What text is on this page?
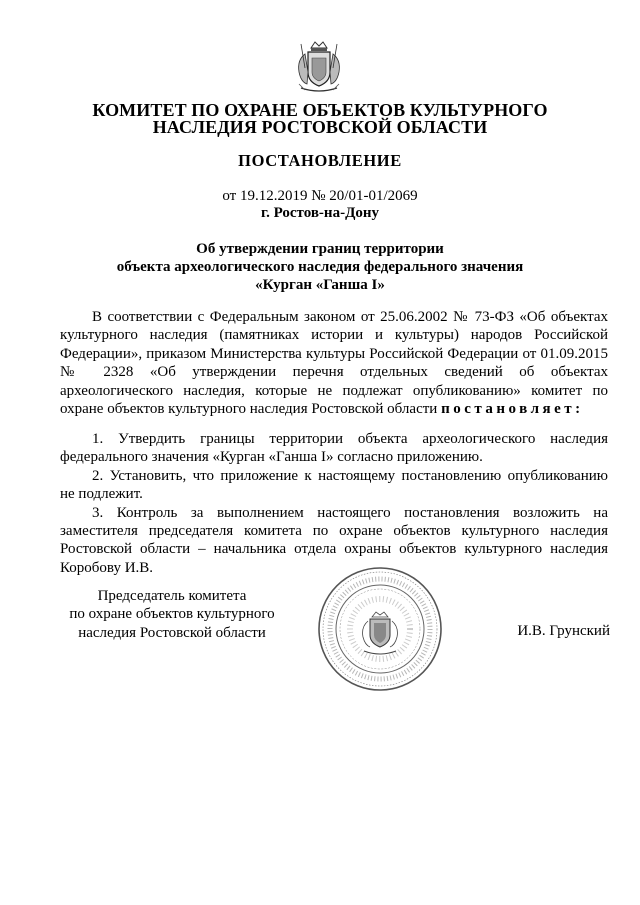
КОМИТЕТ ПО ОХРАНЕ ОБЪЕКТОВ КУЛЬТУРНОГО
НАСЛЕДИЯ РОСТОВСКОЙ ОБЛАСТИ
ПОСТАНОВЛЕНИЕ
от 19.12.2019 № 20/01-01/2069
г. Ростов-на-Дону
Об утверждении границ территории
объекта археологического наследия федерального значения
«Курган «Ганша I»
В соответствии с Федеральным законом от 25.06.2002 № 73-ФЗ «Об объектах культурного наследия (памятниках истории и культуры) народов Российской Федерации», приказом Министерства культуры Российской Федерации от 01.09.2015 № 2328 «Об утверждении перечня отдельных сведений об объектах археологического наследия, которые не подлежат опубликованию» комитет по охране объектов культурного наследия Ростовской области постановляет:

1. Утвердить границы территории объекта археологического наследия федерального значения «Курган «Ганша I» согласно приложению.

2. Установить, что приложение к настоящему постановлению опубликованию не подлежит.

3. Контроль за выполнением настоящего постановления возложить на заместителя председателя комитета по охране объектов культурного наследия Ростовской области – начальника отдела охраны объектов культурного наследия Коробову И.В.

Председатель комитета
по охране объектов культурного
наследия Ростовской области	И.В. Грунский
